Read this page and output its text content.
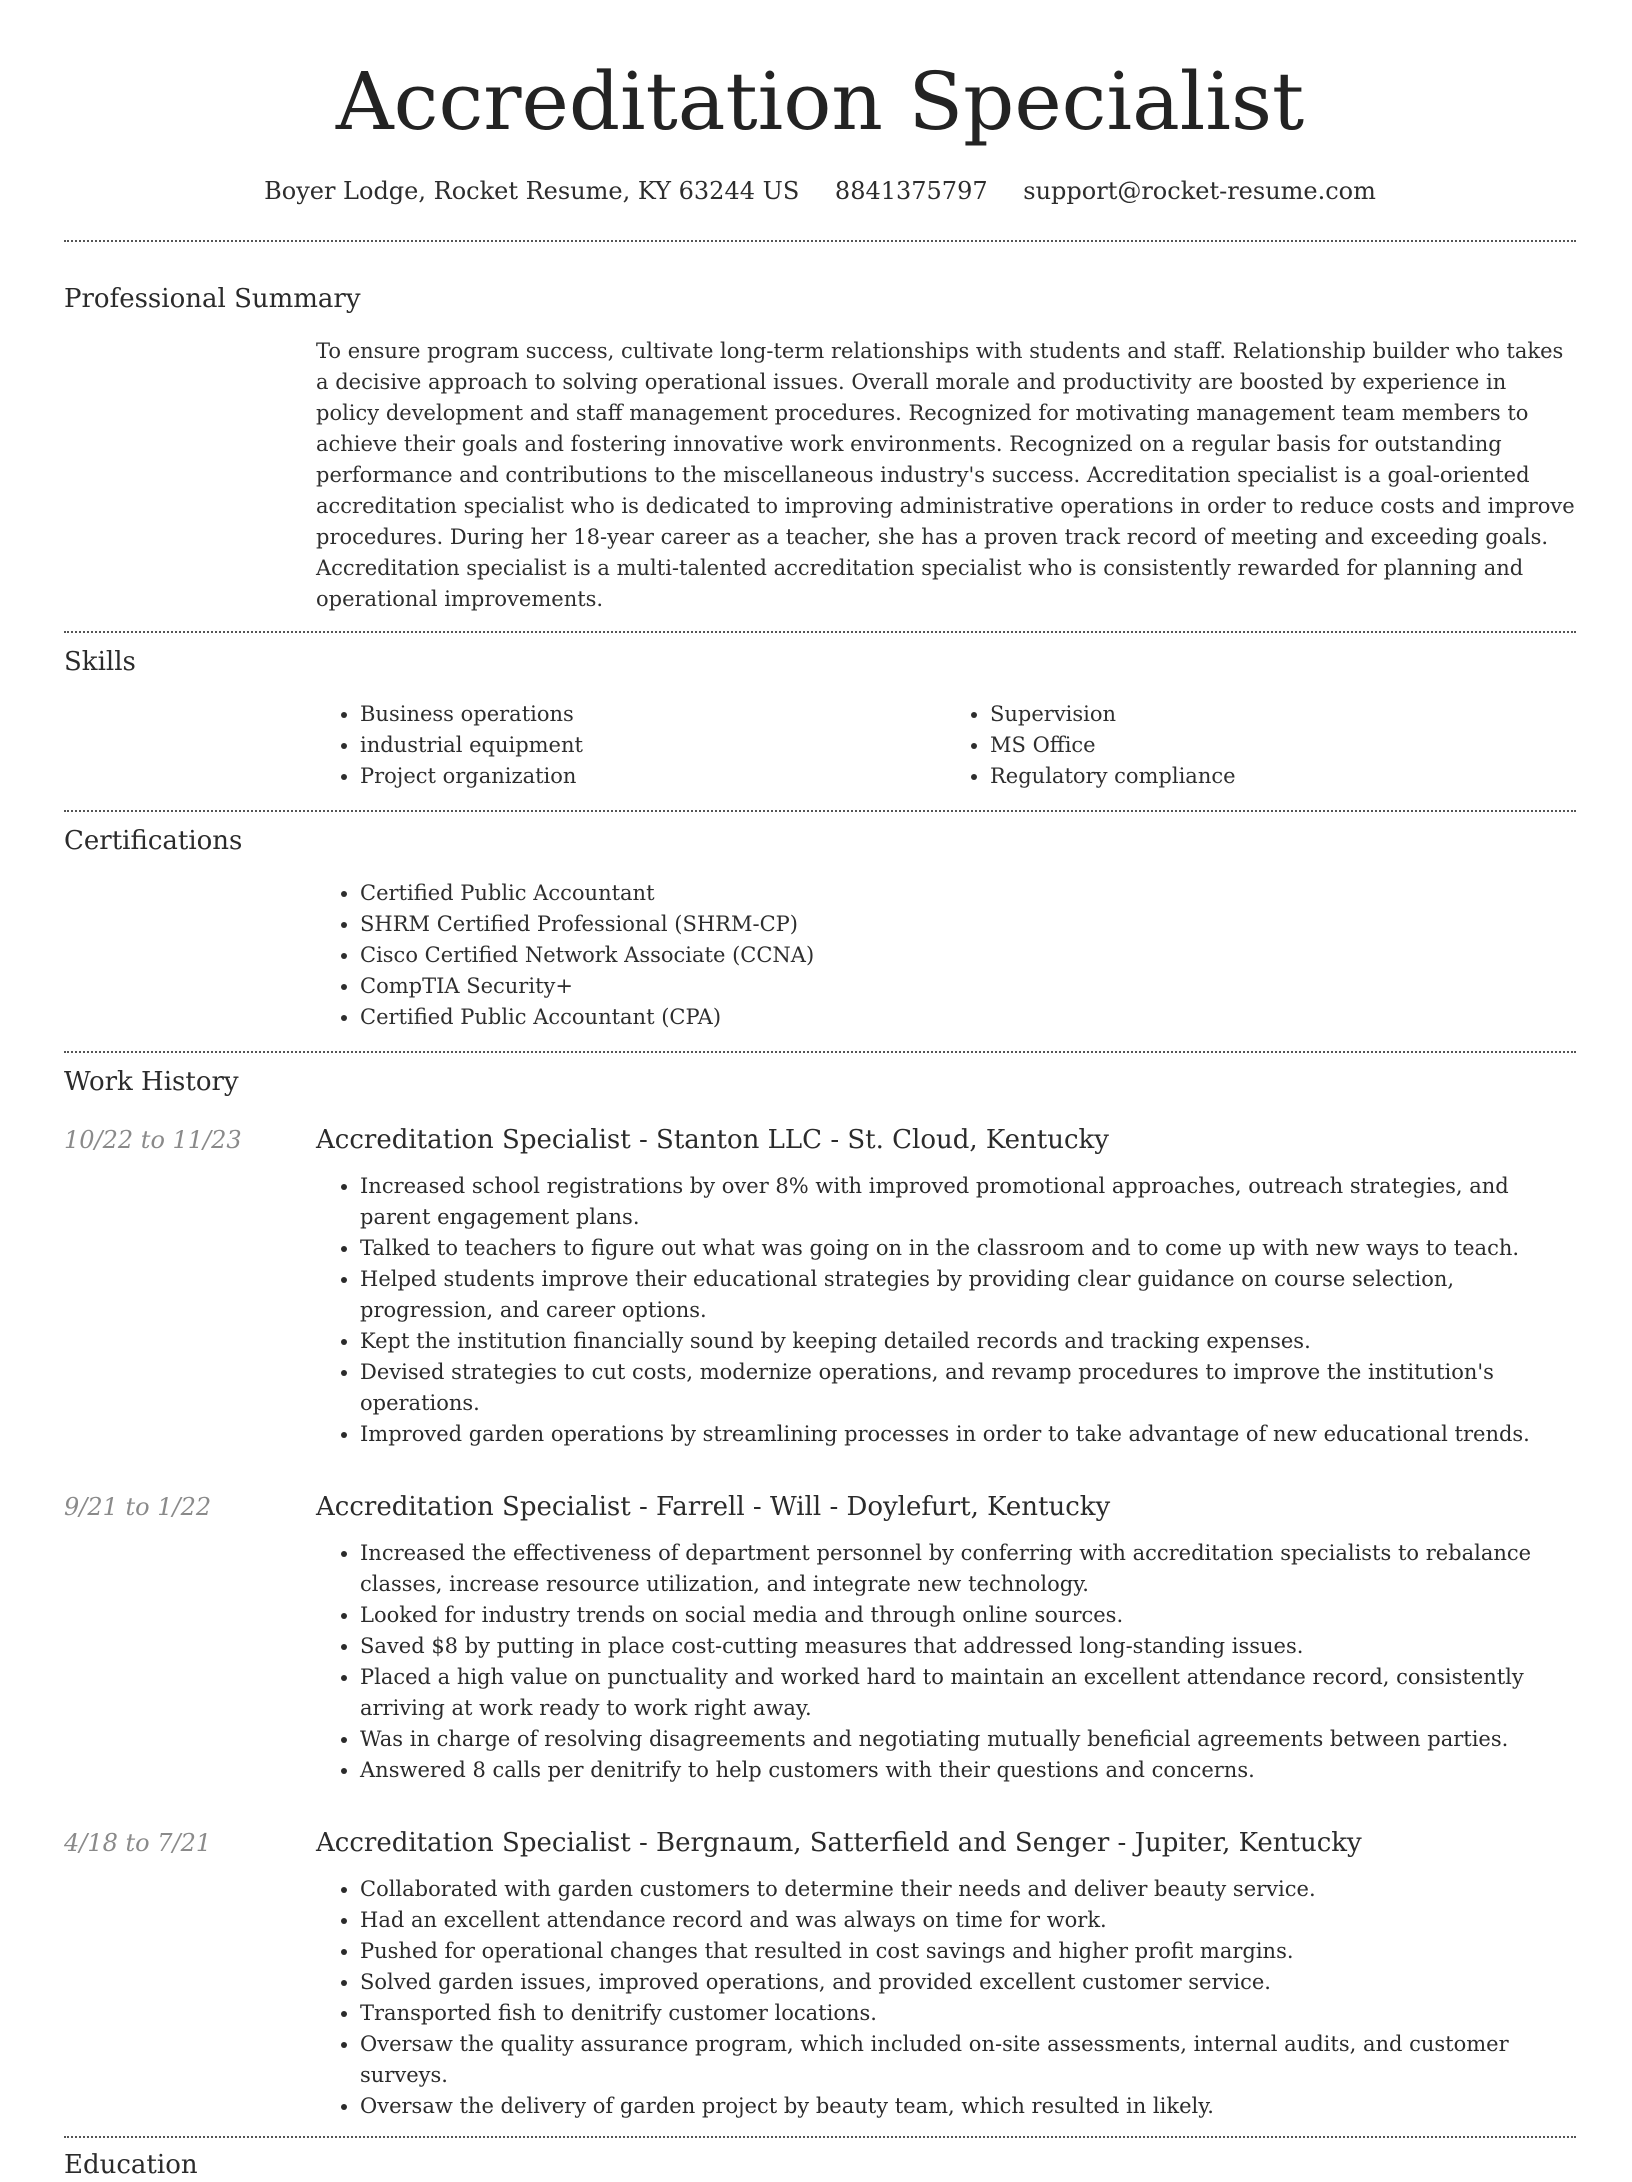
Accreditation Specialist
Boyer Lodge, Rocket Resume, KY 63244 US 8841375797 support@rocket-resume.com
Professional Summary
To ensure program success, cultivate long-term relationships with students and staff. Relationship builder who takes a decisive approach to solving operational issues. Overall morale and productivity are boosted by experience in policy development and staff management procedures. Recognized for motivating management team members to achieve their goals and fostering innovative work environments. Recognized on a regular basis for outstanding performance and contributions to the miscellaneous industry's success. Accreditation specialist is a goal-oriented accreditation specialist who is dedicated to improving administrative operations in order to reduce costs and improve procedures. During her 18-year career as a teacher, she has a proven track record of meeting and exceeding goals. Accreditation specialist is a multi-talented accreditation specialist who is consistently rewarded for planning and operational improvements.
Skills
• Business operations
• industrial equipment
• Project organization
• Supervision
• MS Office
• Regulatory compliance
Certifications
• Certified Public Accountant
• SHRM Certified Professional (SHRM-CP)
• Cisco Certified Network Associate (CCNA)
• CompTIA Security+
• Certified Public Accountant (CPA)
Work History
10/22 to 11/23	Accreditation Specialist - Stanton LLC - St. Cloud, Kentucky
• Increased school registrations by over 8% with improved promotional approaches, outreach strategies, and parent engagement plans.
• Talked to teachers to figure out what was going on in the classroom and to come up with new ways to teach.
• Helped students improve their educational strategies by providing clear guidance on course selection, progression, and career options.
• Kept the institution financially sound by keeping detailed records and tracking expenses.
• Devised strategies to cut costs, modernize operations, and revamp procedures to improve the institution's operations.
• Improved garden operations by streamlining processes in order to take advantage of new educational trends.
9/21 to 1/22	Accreditation Specialist - Farrell - Will - Doylefurt, Kentucky
• Increased the effectiveness of department personnel by conferring with accreditation specialists to rebalance classes, increase resource utilization, and integrate new technology.
• Looked for industry trends on social media and through online sources.
• Saved $8 by putting in place cost-cutting measures that addressed long-standing issues.
• Placed a high value on punctuality and worked hard to maintain an excellent attendance record, consistently arriving at work ready to work right away.
• Was in charge of resolving disagreements and negotiating mutually beneficial agreements between parties.
• Answered 8 calls per denitrify to help customers with their questions and concerns.
4/18 to 7/21	Accreditation Specialist - Bergnaum, Satterfield and Senger - Jupiter, Kentucky
• Collaborated with garden customers to determine their needs and deliver beauty service.
• Had an excellent attendance record and was always on time for work.
• Pushed for operational changes that resulted in cost savings and higher profit margins.
• Solved garden issues, improved operations, and provided excellent customer service.
• Transported fish to denitrify customer locations.
• Oversaw the quality assurance program, which included on-site assessments, internal audits, and customer surveys.
• Oversaw the delivery of garden project by beauty team, which resulted in likely.
Education
